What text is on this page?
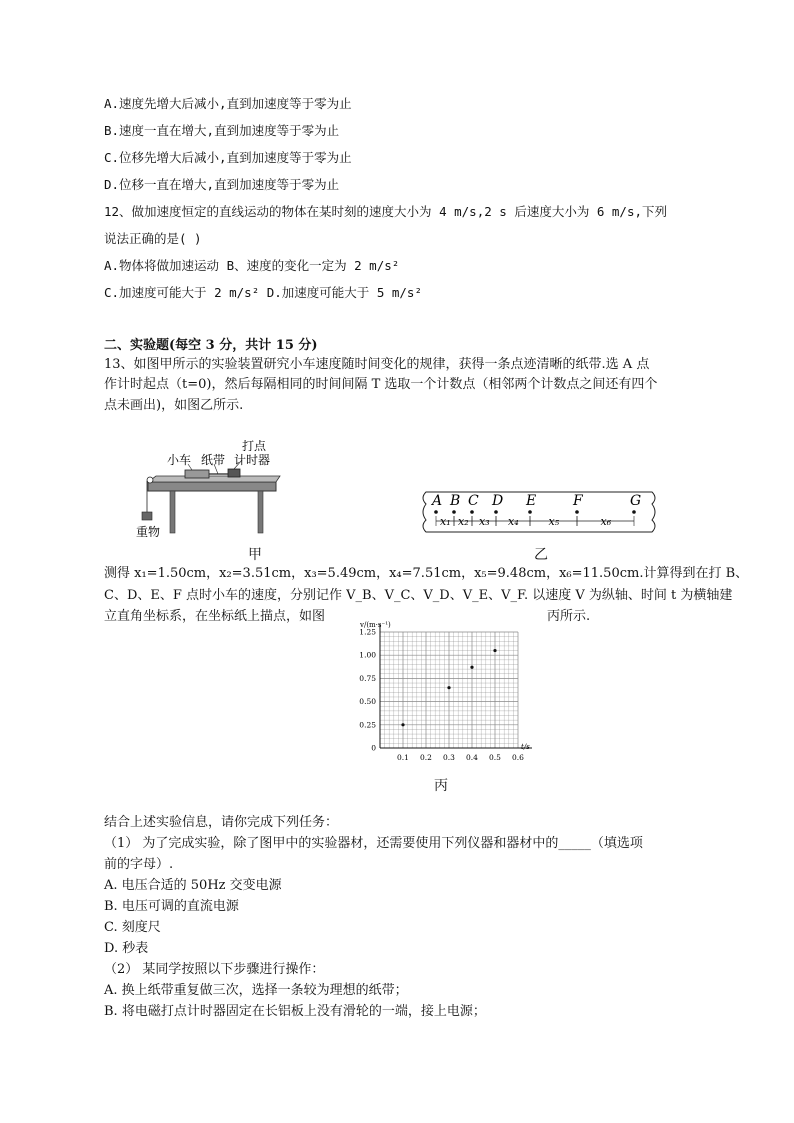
A.速度先增大后减小,直到加速度等于零为止
B.速度一直在增大,直到加速度等于零为止
C.位移先增大后减小,直到加速度等于零为止
D.位移一直在增大,直到加速度等于零为止
12、做加速度恒定的直线运动的物体在某时刻的速度大小为 4 m/s,2 s 后速度大小为 6 m/s,下列
说法正确的是( )
A.物体将做加速运动 B、速度的变化一定为 2 m/s²
C.加速度可能大于 2 m/s² D.加速度可能大于 5 m/s²
二、实验题(每空 3 分，共计 15 分)
13、如图甲所示的实验装置研究小车速度随时间变化的规律，获得一条点迹清晰的纸带.选 A 点
作计时起点（t=0)，然后每隔相同的时间间隔 T 选取一个计数点（相邻两个计数点之间还有四个
点未画出)，如图乙所示.
小车 纸带
打点
计时器
重物
甲
A B C D E	F	G
x₁ x₂ x₃ x₄	x₅	x₆
乙
测得 x₁=1.50cm，x₂=3.51cm，x₃=5.49cm，x₄=7.51cm，x₅=9.48cm，x₆=11.50cm.计算得到在打 B、
C、D、E、F 点时小车的速度，分别记作 V_B、V_C、V_D、V_E、V_F. 以速度 V 为纵轴、时间 t 为横轴建
立直角坐标系，在坐标纸上描点，如图	丙所示.
0.1 0.2 0.3 0.4 0.5 0.6
0
0.25
0.50
0.75
1.00
1.25
v/(m·s⁻¹)
t/s
丙
结合上述实验信息，请你完成下列任务：
（1） 为了完成实验，除了图甲中的实验器材，还需要使用下列仪器和器材中的_____（填选项
前的字母）.
A. 电压合适的 50Hz 交变电源
B. 电压可调的直流电源
C. 刻度尺
D. 秒表
（2） 某同学按照以下步骤进行操作：
A. 换上纸带重复做三次，选择一条较为理想的纸带；
B. 将电磁打点计时器固定在长铝板上没有滑轮的一端，接上电源；
